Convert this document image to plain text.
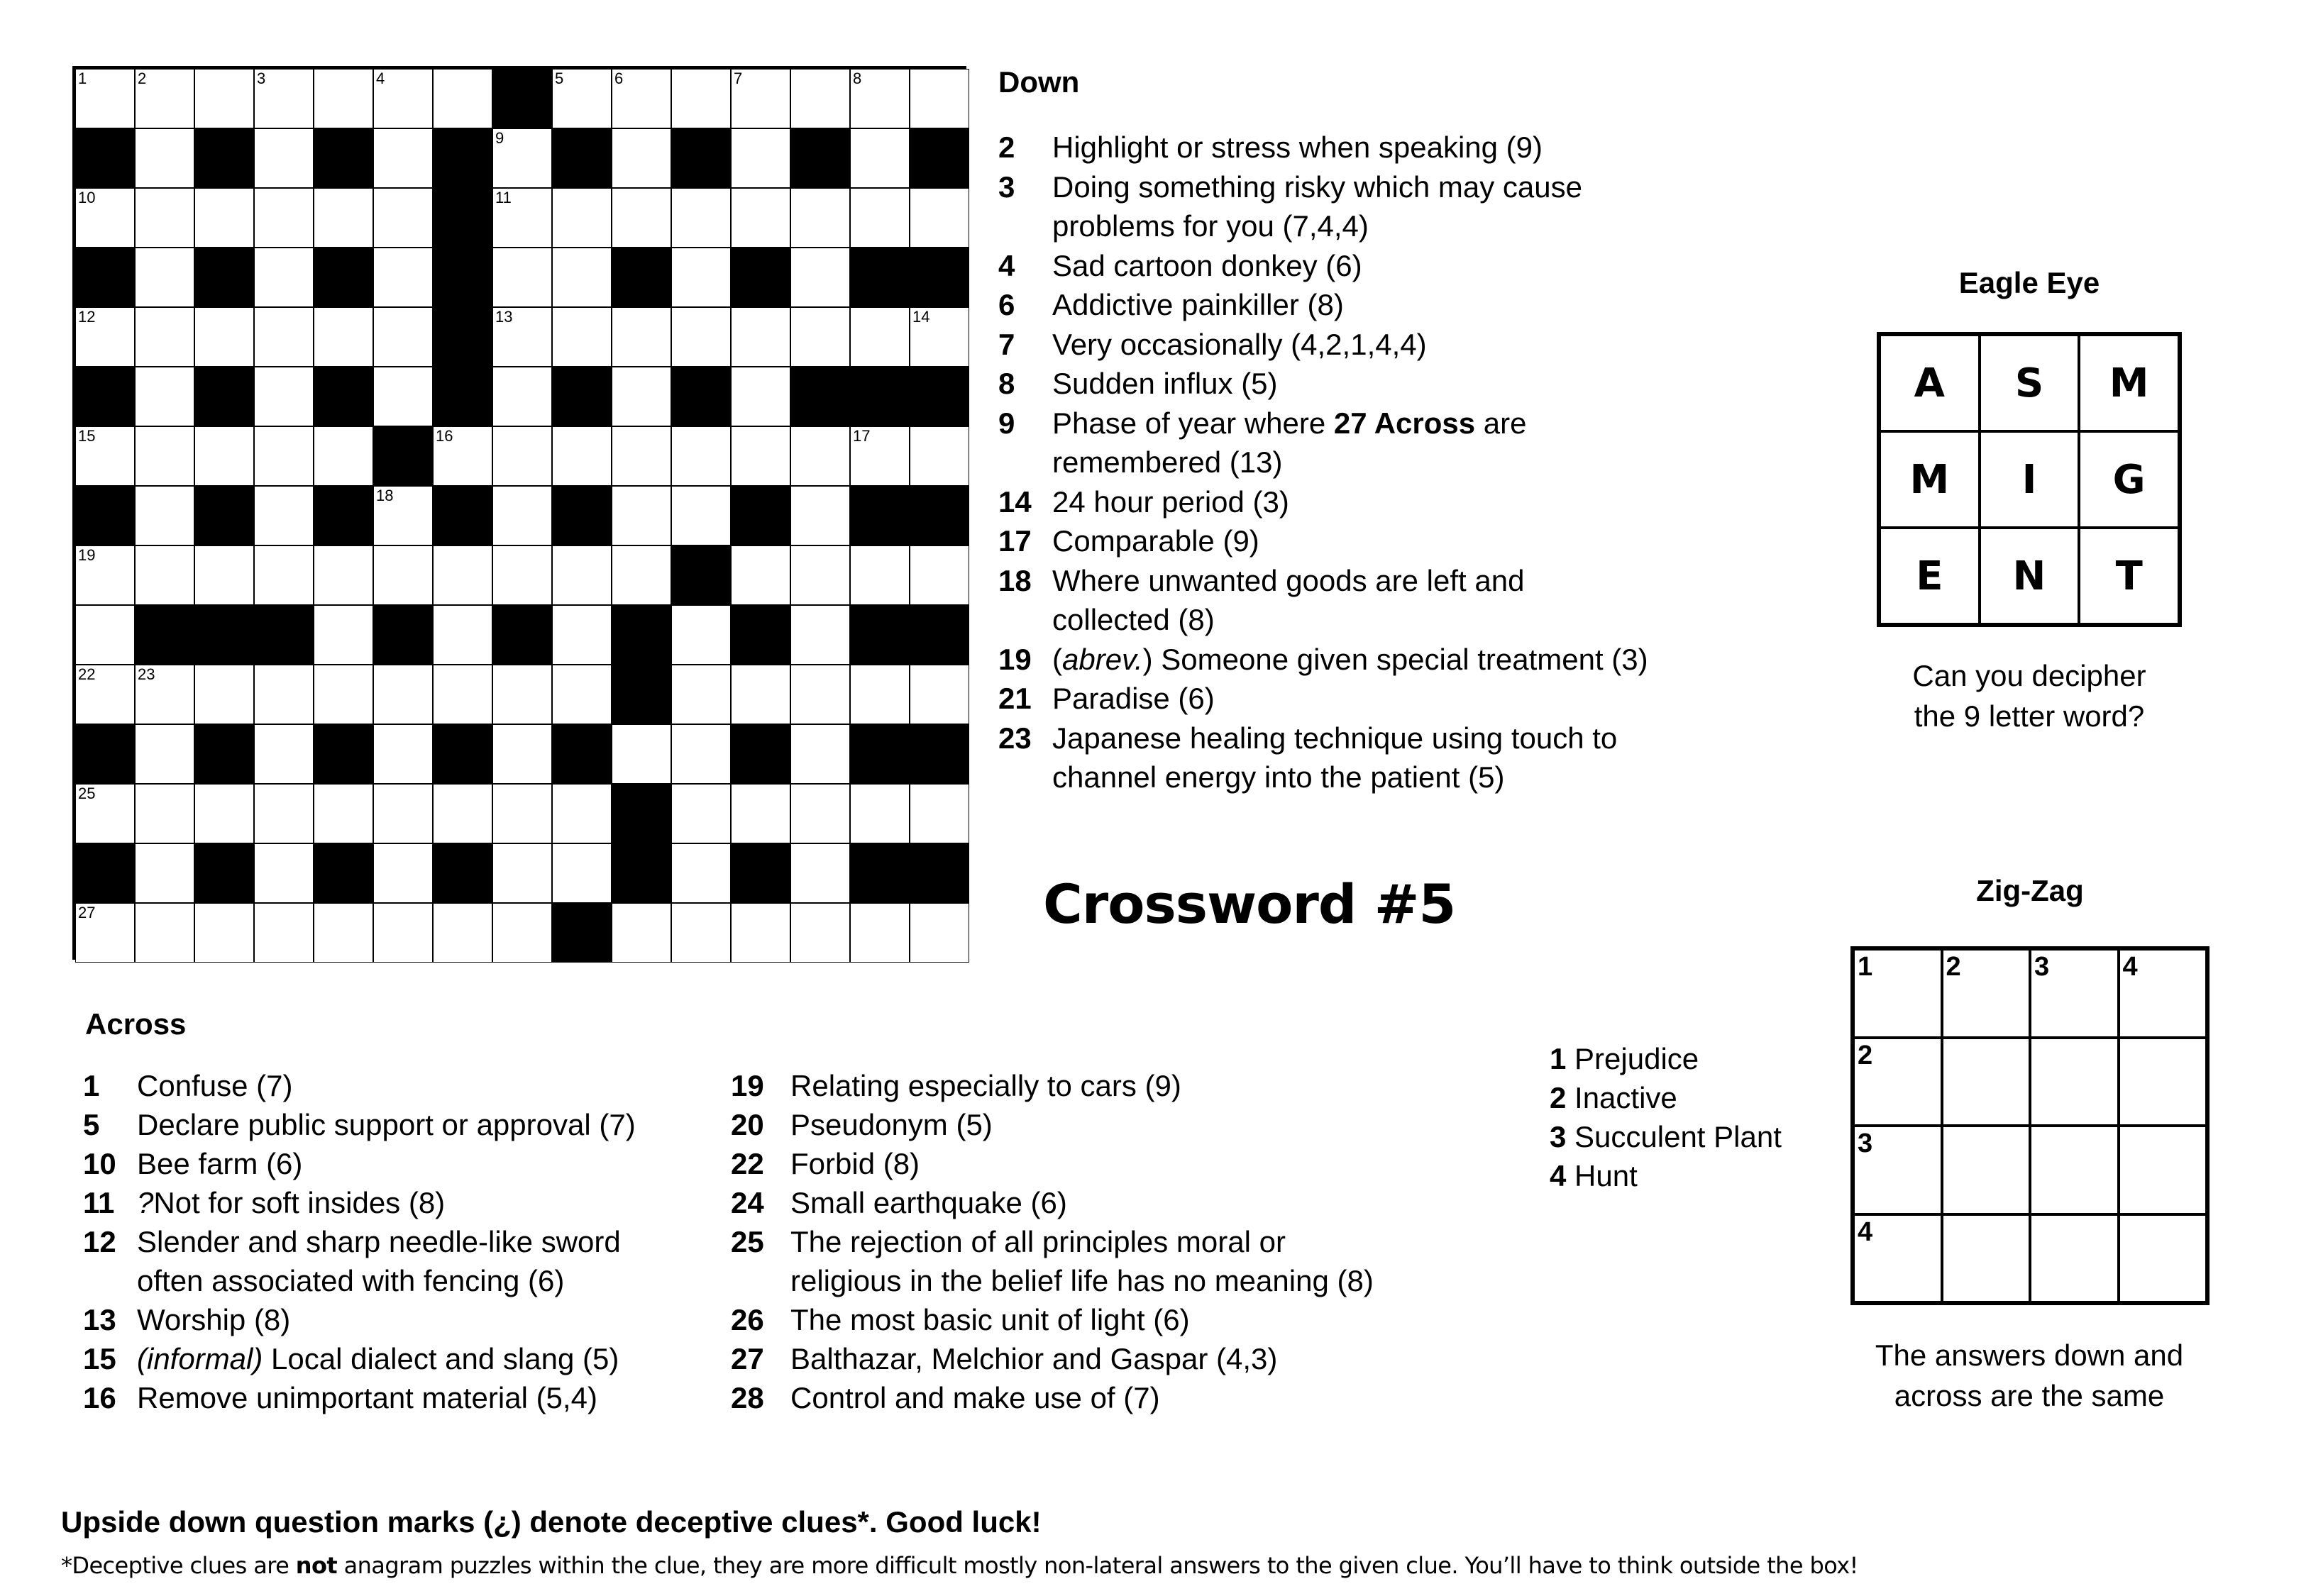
1	2	3	4	5	6	7	8
9
10	11
12	13	14
15	16	17
18
19
22	23
25
27
Down
2 Highlight or stress when speaking (9)
3 Doing something risky which may cause
problems for you (7,4,4)
4 Sad cartoon donkey (6)
6 Addictive painkiller (8)
7 Very occasionally (4,2,1,4,4)
8 Sudden influx (5)
9 Phase of year where 27 Across are
remembered (13)
14 24 hour period (3)
17 Comparable (9)
18 Where unwanted goods are left and
collected (8)
19 (abrev.) Someone given special treatment (3)
21 Paradise (6)
23 Japanese healing technique using touch to
channel energy into the patient (5)
Crossword #5
Across
1 Confuse (7)
5 Declare public support or approval (7)
10 Bee farm (6)
11 ?Not for soft insides (8)
12 Slender and sharp needle-like sword
often associated with fencing (6)
13 Worship (8)
15 (informal) Local dialect and slang (5)
16 Remove unimportant material (5,4)
19 Relating especially to cars (9)
20 Pseudonym (5)
22 Forbid (8)
24 Small earthquake (6)
25 The rejection of all principles moral or
religious in the belief life has no meaning (8)
26 The most basic unit of light (6)
27 Balthazar, Melchior and Gaspar (4,3)
28 Control and make use of (7)
Eagle Eye
A	S	M
M	I	G
E	N	T
Can you decipher
the 9 letter word?
Zig-Zag
1 Prejudice
2 Inactive
3 Succulent Plant
4 Hunt
1	2	3	4
2
3
4
The answers down and
across are the same
Upside down question marks (¿) denote deceptive clues*. Good luck!
*Deceptive clues are not anagram puzzles within the clue, they are more difficult mostly non-lateral answers to the given clue. You’ll have to think outside the box!
